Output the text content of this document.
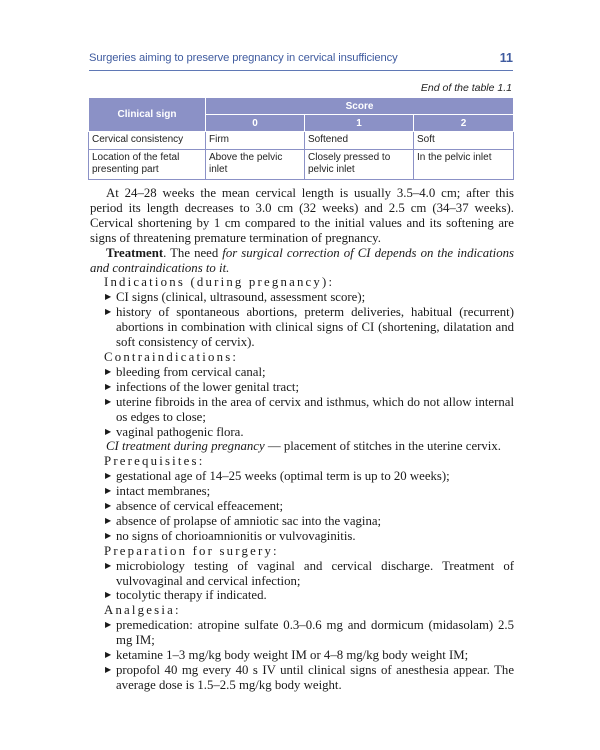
Surgeries aiming to preserve pregnancy in cervical insufficiency	11
End of the table 1.1
Clinical sign	Score		
	0	1	2
Cervical consistency	Firm	Softened	Soft
Location of the fetal presenting part	Above the pelvic inlet	Closely pressed to pelvic inlet	In the pelvic inlet

At 24–28 weeks the mean cervical length is usually 3.5–4.0 cm; after this period its length decreases to 3.0 cm (32 weeks) and 2.5 cm (34–37 weeks). Cervical shortening by 1 cm compared to the initial values and its softening are signs of threatening premature termination of pregnancy.

Treatment. The need for surgical correction of CI depends on the indications and contraindications to it.

Indications (during pregnancy):

▶ CI signs (clinical, ultrasound, assessment score);
▶ history of spontaneous abortions, preterm deliveries, habitual (recurrent) abortions in combination with clinical signs of CI (shortening, dilatation and soft consistency of cervix).

Contraindications:

▶ bleeding from cervical canal;
▶ infections of the lower genital tract;
▶ uterine fibroids in the area of cervix and isthmus, which do not allow internal os edges to close;
▶ vaginal pathogenic flora.

CI treatment during pregnancy — placement of stitches in the uterine cervix.

Prerequisites:

▶ gestational age of 14–25 weeks (optimal term is up to 20 weeks);
▶ intact membranes;
▶ absence of cervical effeacement;
▶ absence of prolapse of amniotic sac into the vagina;
▶ no signs of chorioamnionitis or vulvovaginitis.

Preparation for surgery:

▶ microbiology testing of vaginal and cervical discharge. Treatment of vulvovaginal and cervical infection;
▶ tocolytic therapy if indicated.

Analgesia:

▶ premedication: atropine sulfate 0.3–0.6 mg and dormicum (midasolam) 2.5 mg IM;
▶ ketamine 1–3 mg/kg body weight IM or 4–8 mg/kg body weight IM;
▶ propofol 40 mg every 40 s IV until clinical signs of anesthesia appear. The average dose is 1.5–2.5 mg/kg body weight.
